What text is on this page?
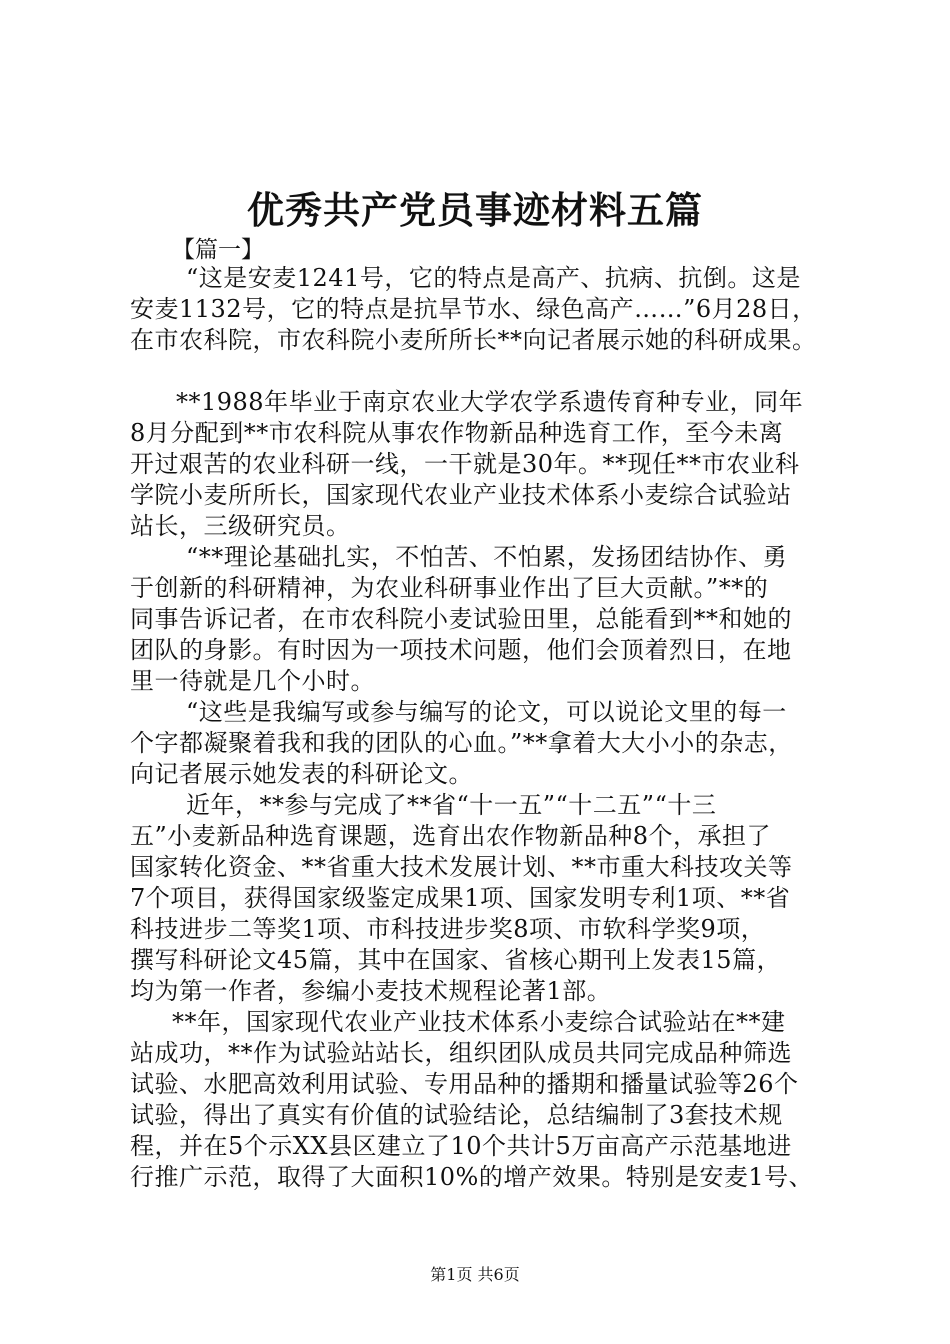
优秀共产党员事迹材料五篇
【篇一】
“这是安麦1241号，它的特点是高产、抗病、抗倒。这是
安麦1132号，它的特点是抗旱节水、绿色高产……”6月28日，
在市农科院，市农科院小麦所所长**向记者展示她的科研成果。
**1988年毕业于南京农业大学农学系遗传育种专业，同年
8月分配到**市农科院从事农作物新品种选育工作，至今未离
开过艰苦的农业科研一线，一干就是30年。**现任**市农业科
学院小麦所所长，国家现代农业产业技术体系小麦综合试验站
站长，三级研究员。
“**理论基础扎实，不怕苦、不怕累，发扬团结协作、勇
于创新的科研精神，为农业科研事业作出了巨大贡献。”**的
同事告诉记者，在市农科院小麦试验田里，总能看到**和她的
团队的身影。有时因为一项技术问题，他们会顶着烈日，在地
里一待就是几个小时。
“这些是我编写或参与编写的论文，可以说论文里的每一
个字都凝聚着我和我的团队的心血。”**拿着大大小小的杂志，
向记者展示她发表的科研论文。
近年，**参与完成了**省“十一五”“十二五”“十三
五”小麦新品种选育课题，选育出农作物新品种8个，承担了
国家转化资金、**省重大技术发展计划、**市重大科技攻关等
7个项目，获得国家级鉴定成果1项、国家发明专利1项、**省
科技进步二等奖1项、市科技进步奖8项、市软科学奖9项，
撰写科研论文45篇，其中在国家、省核心期刊上发表15篇，
均为第一作者，参编小麦技术规程论著1部。
**年，国家现代农业产业技术体系小麦综合试验站在**建
站成功，**作为试验站站长，组织团队成员共同完成品种筛选
试验、水肥高效利用试验、专用品种的播期和播量试验等26个
试验，得出了真实有价值的试验结论，总结编制了3套技术规
程，并在5个示XX县区建立了10个共计5万亩高产示范基地进
行推广示范，取得了大面积10%的增产效果。特别是安麦1号、
第1页 共6页
